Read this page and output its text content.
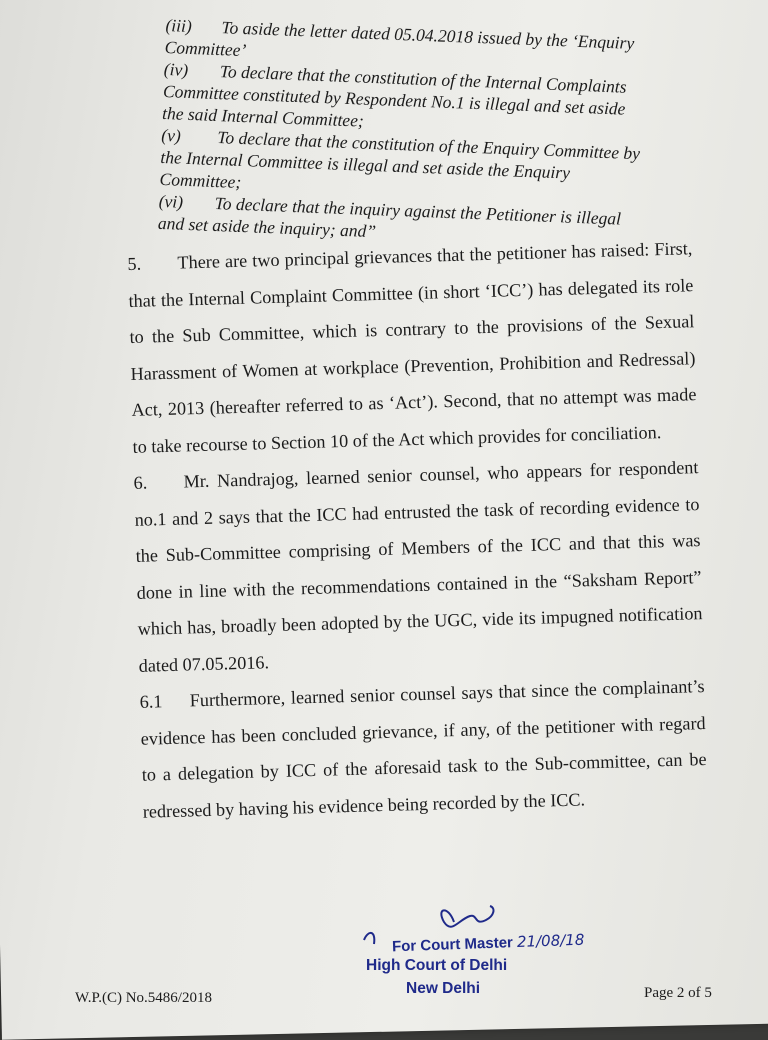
(iii) To aside the letter dated 05.04.2018 issued by the ‘Enquiry Committee’

(iv) To declare that the constitution of the Internal Complaints Committee constituted by Respondent No.1 is illegal and set aside the said Internal Committee;

(v) To declare that the constitution of the Enquiry Committee by the Internal Committee is illegal and set aside the Enquiry Committee;

(vi) To declare that the inquiry against the Petitioner is illegal and set aside the inquiry; and”

5. There are two principal grievances that the petitioner has raised: First, that the Internal Complaint Committee (in short ‘ICC’) has delegated its role to the Sub Committee, which is contrary to the provisions of the Sexual Harassment of Women at workplace (Prevention, Prohibition and Redressal) Act, 2013 (hereafter referred to as ‘Act’). Second, that no attempt was made to take recourse to Section 10 of the Act which provides for conciliation.

6. Mr. Nandrajog, learned senior counsel, who appears for respondent no.1 and 2 says that the ICC had entrusted the task of recording evidence to the Sub-Committee comprising of Members of the ICC and that this was done in line with the recommendations contained in the “Saksham Report” which has, broadly been adopted by the UGC, vide its impugned notification dated 07.05.2016.

6.1 Furthermore, learned senior counsel says that since the complainant’s evidence has been concluded grievance, if any, of the petitioner with regard to a delegation by ICC of the aforesaid task to the Sub-committee, can be redressed by having his evidence being recorded by the ICC.

For Court Master 21/08/18
High Court of Delhi
New Delhi
W.P.(C) No.5486/2018	Page 2 of 5
